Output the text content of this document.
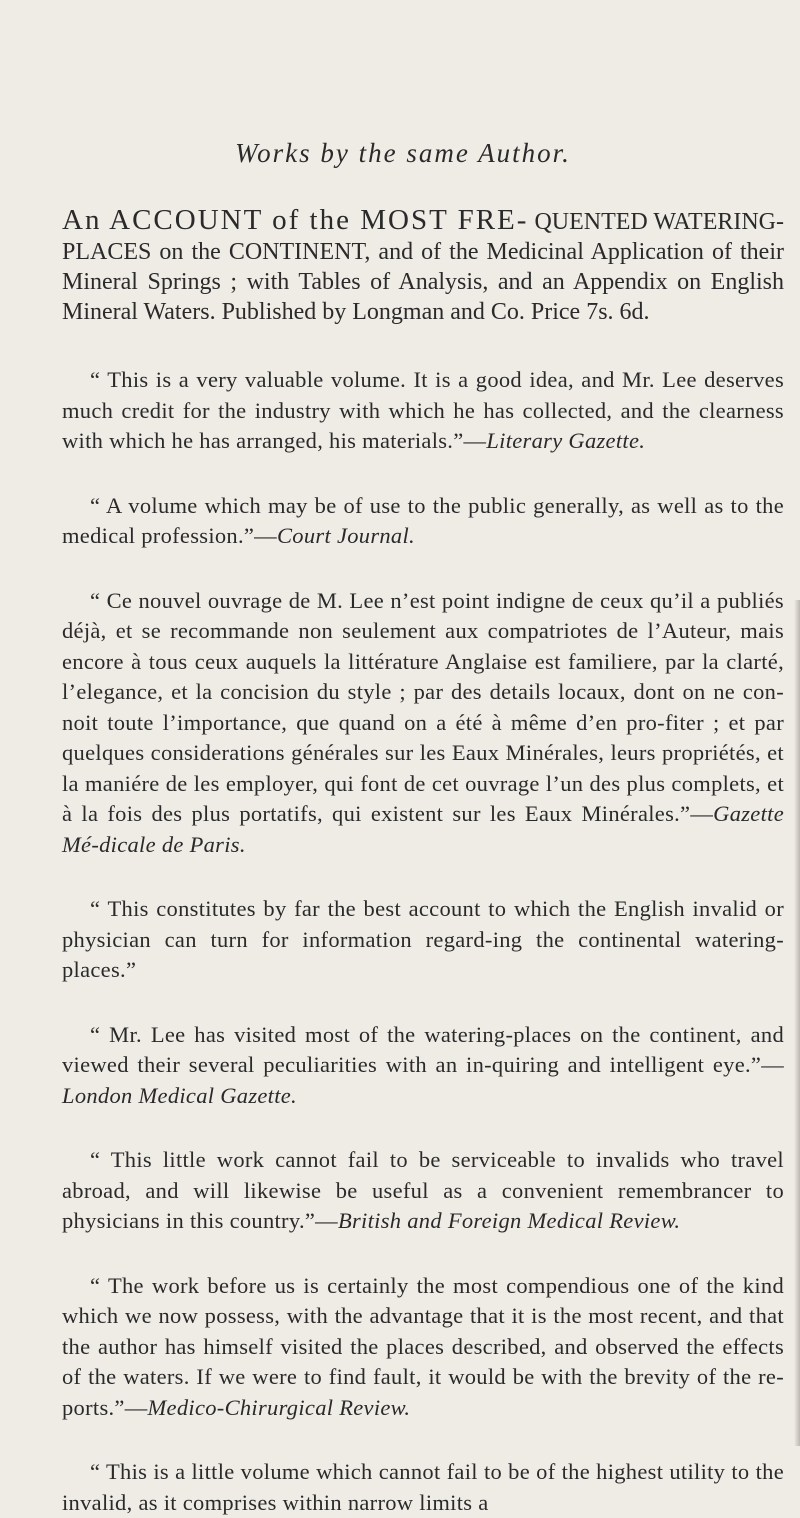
Works by the same Author.
An ACCOUNT of the MOST FRE- QUENTED WATERING-PLACES on the CONTINENT, and of the Medicinal Application of their Mineral Springs ; with Tables of Analysis, and an Appendix on English Mineral Waters. Published by Longman and Co. Price 7s. 6d.
“ This is a very valuable volume. It is a good idea, and Mr. Lee deserves much credit for the industry with which he has collected, and the clearness with which he has arranged, his materials.”—Literary Gazette.
“ A volume which may be of use to the public generally, as well as to the medical profession.”—Court Journal.
“ Ce nouvel ouvrage de M. Lee n’est point indigne de ceux qu’il a publiés déjà, et se recommande non seulement aux compatriotes de l’Auteur, mais encore à tous ceux auquels la littérature Anglaise est familiere, par la clarté, l’elegance, et la concision du style ; par des details locaux, dont on ne con-noit toute l’importance, que quand on a été à même d’en pro-fiter ; et par quelques considerations générales sur les Eaux Minérales, leurs propriétés, et la maniére de les employer, qui font de cet ouvrage l’un des plus complets, et à la fois des plus portatifs, qui existent sur les Eaux Minérales.”—Gazette Mé-dicale de Paris.
“ This constitutes by far the best account to which the English invalid or physician can turn for information regard-ing the continental watering-places.”
“ Mr. Lee has visited most of the watering-places on the continent, and viewed their several peculiarities with an in-quiring and intelligent eye.”—London Medical Gazette.
“ This little work cannot fail to be serviceable to invalids who travel abroad, and will likewise be useful as a convenient remembrancer to physicians in this country.”—British and Foreign Medical Review.
“ The work before us is certainly the most compendious one of the kind which we now possess, with the advantage that it is the most recent, and that the author has himself visited the places described, and observed the effects of the waters. If we were to find fault, it would be with the brevity of the re-ports.”—Medico-Chirurgical Review.
“ This is a little volume which cannot fail to be of the highest utility to the invalid, as it comprises within narrow limits a
